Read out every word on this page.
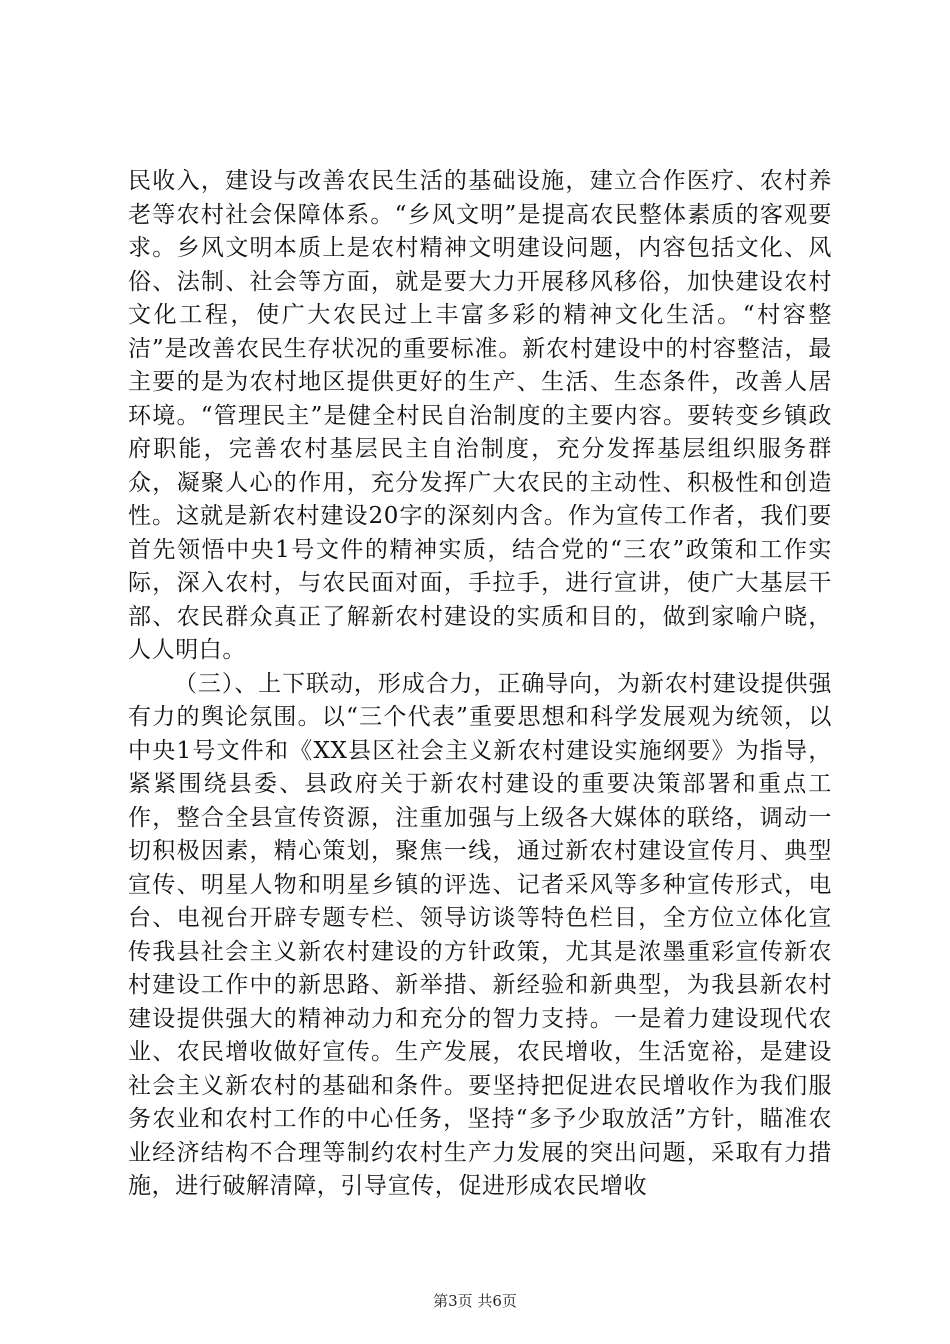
民收入，建设与改善农民生活的基础设施，建立合作医疗、农村养老等农村社会保障体系。“乡风文明”是提高农民整体素质的客观要求。乡风文明本质上是农村精神文明建设问题，内容包括文化、风俗、法制、社会等方面，就是要大力开展移风移俗，加快建设农村文化工程，使广大农民过上丰富多彩的精神文化生活。“村容整洁”是改善农民生存状况的重要标准。新农村建设中的村容整洁，最主要的是为农村地区提供更好的生产、生活、生态条件，改善人居环境。“管理民主”是健全村民自治制度的主要内容。要转变乡镇政府职能，完善农村基层民主自治制度，充分发挥基层组织服务群众，凝聚人心的作用，充分发挥广大农民的主动性、积极性和创造性。这就是新农村建设20字的深刻内含。作为宣传工作者，我们要首先领悟中央1号文件的精神实质，结合党的“三农”政策和工作实际，深入农村，与农民面对面，手拉手，进行宣讲，使广大基层干部、农民群众真正了解新农村建设的实质和目的，做到家喻户晓，人人明白。

（三）、上下联动，形成合力，正确导向，为新农村建设提供强有力的舆论氛围。以“三个代表”重要思想和科学发展观为统领，以中央1号文件和《XX县区社会主义新农村建设实施纲要》为指导，紧紧围绕县委、县政府关于新农村建设的重要决策部署和重点工作，整合全县宣传资源，注重加强与上级各大媒体的联络，调动一切积极因素，精心策划，聚焦一线，通过新农村建设宣传月、典型宣传、明星人物和明星乡镇的评选、记者采风等多种宣传形式，电台、电视台开辟专题专栏、领导访谈等特色栏目，全方位立体化宣传我县社会主义新农村建设的方针政策，尤其是浓墨重彩宣传新农村建设工作中的新思路、新举措、新经验和新典型，为我县新农村建设提供强大的精神动力和充分的智力支持。一是着力建设现代农业、农民增收做好宣传。生产发展，农民增收，生活宽裕，是建设社会主义新农村的基础和条件。要坚持把促进农民增收作为我们服务农业和农村工作的中心任务，坚持“多予少取放活”方针，瞄准农业经济结构不合理等制约农村生产力发展的突出问题，采取有力措施，进行破解清障，引导宣传，促进形成农民增收

第3页 共6页
